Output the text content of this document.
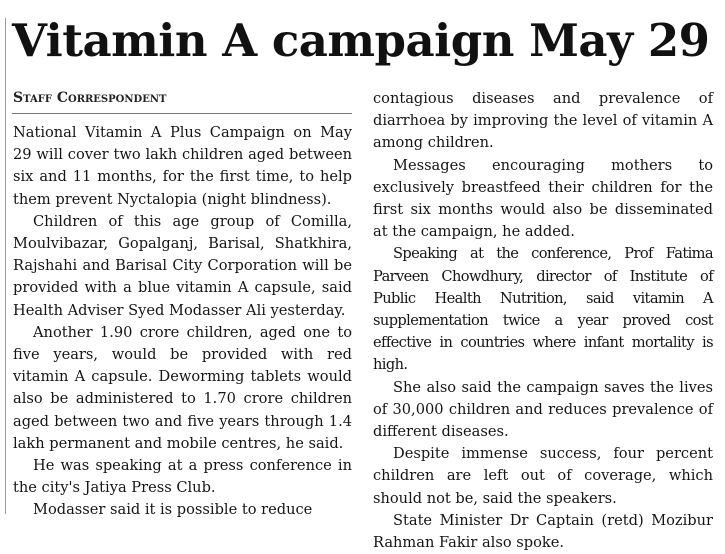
Vitamin A campaign May 29
Staff Correspondent

National Vitamin A Plus Campaign on May 29 will cover two lakh children aged between six and 11 months, for the first time, to help them prevent Nyctalopia (night blindness).

Children of this age group of Comilla, Moulvibazar, Gopalganj, Barisal, Shatkhira, Rajshahi and Barisal City Corporation will be provided with a blue vitamin A capsule, said Health Adviser Syed Modasser Ali yesterday.

Another 1.90 crore children, aged one to five years, would be provided with red vitamin A capsule. Deworming tablets would also be administered to 1.70 crore children aged between two and five years through 1.4 lakh permanent and mobile centres, he said.

He was speaking at a press conference in the city's Jatiya Press Club.

Modasser said it is possible to reduce

contagious diseases and prevalence of diarrhoea by improving the level of vitamin A among children.

Messages encouraging mothers to exclusively breastfeed their children for the first six months would also be disseminated at the campaign, he added.

Speaking at the conference, Prof Fatima Parveen Chowdhury, director of Institute of Public Health Nutrition, said vitamin A supplementation twice a year proved cost effective in countries where infant mortality is high.

She also said the campaign saves the lives of 30,000 children and reduces prevalence of different diseases.

Despite immense success, four percent children are left out of coverage, which should not be, said the speakers.

State Minister Dr Captain (retd) Mozibur Rahman Fakir also spoke.
